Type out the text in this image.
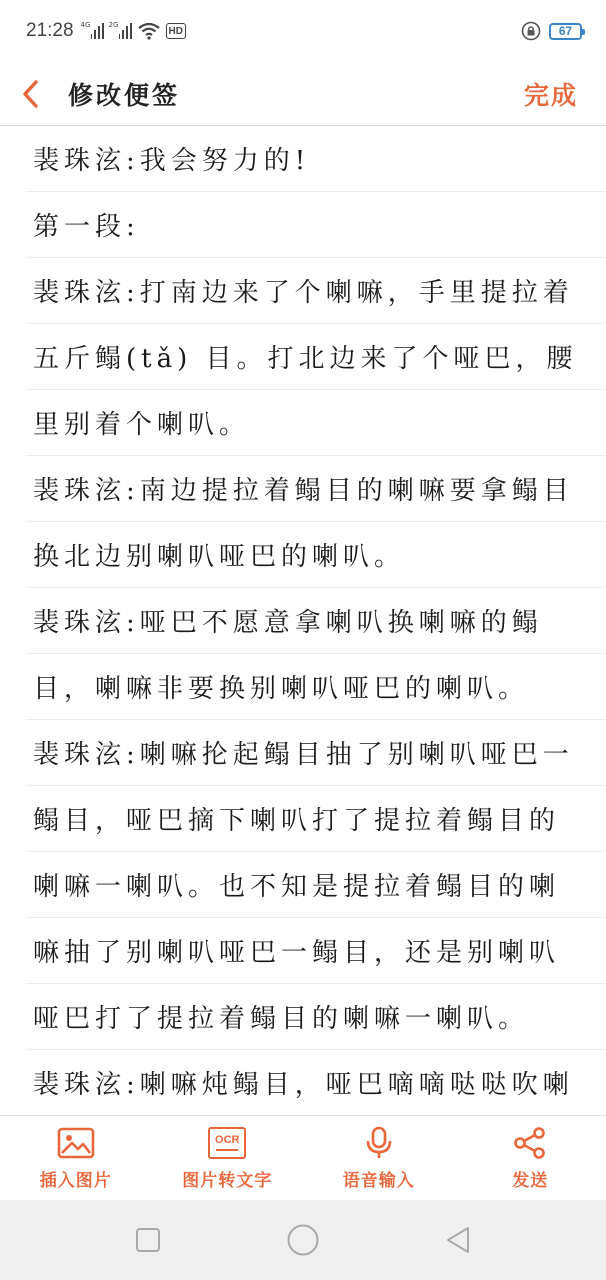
21:28 4G	2G
HD	67
修改便签	完成
裴珠泫:我会努力的!
第一段:
裴珠泫:打南边来了个喇嘛，手里提拉着
五斤鳎(tǎ) 目。打北边来了个哑巴，腰
里别着个喇叭。
裴珠泫:南边提拉着鳎目的喇嘛要拿鳎目
换北边别喇叭哑巴的喇叭。
裴珠泫:哑巴不愿意拿喇叭换喇嘛的鳎
目，喇嘛非要换别喇叭哑巴的喇叭。
裴珠泫:喇嘛抡起鳎目抽了别喇叭哑巴一
鳎目，哑巴摘下喇叭打了提拉着鳎目的
喇嘛一喇叭。也不知是提拉着鳎目的喇
嘛抽了别喇叭哑巴一鳎目，还是别喇叭
哑巴打了提拉着鳎目的喇嘛一喇叭。
裴珠泫:喇嘛炖鳎目，哑巴嘀嘀哒哒吹喇
插入图片
OCR
图片转文字	语音输入	发送
